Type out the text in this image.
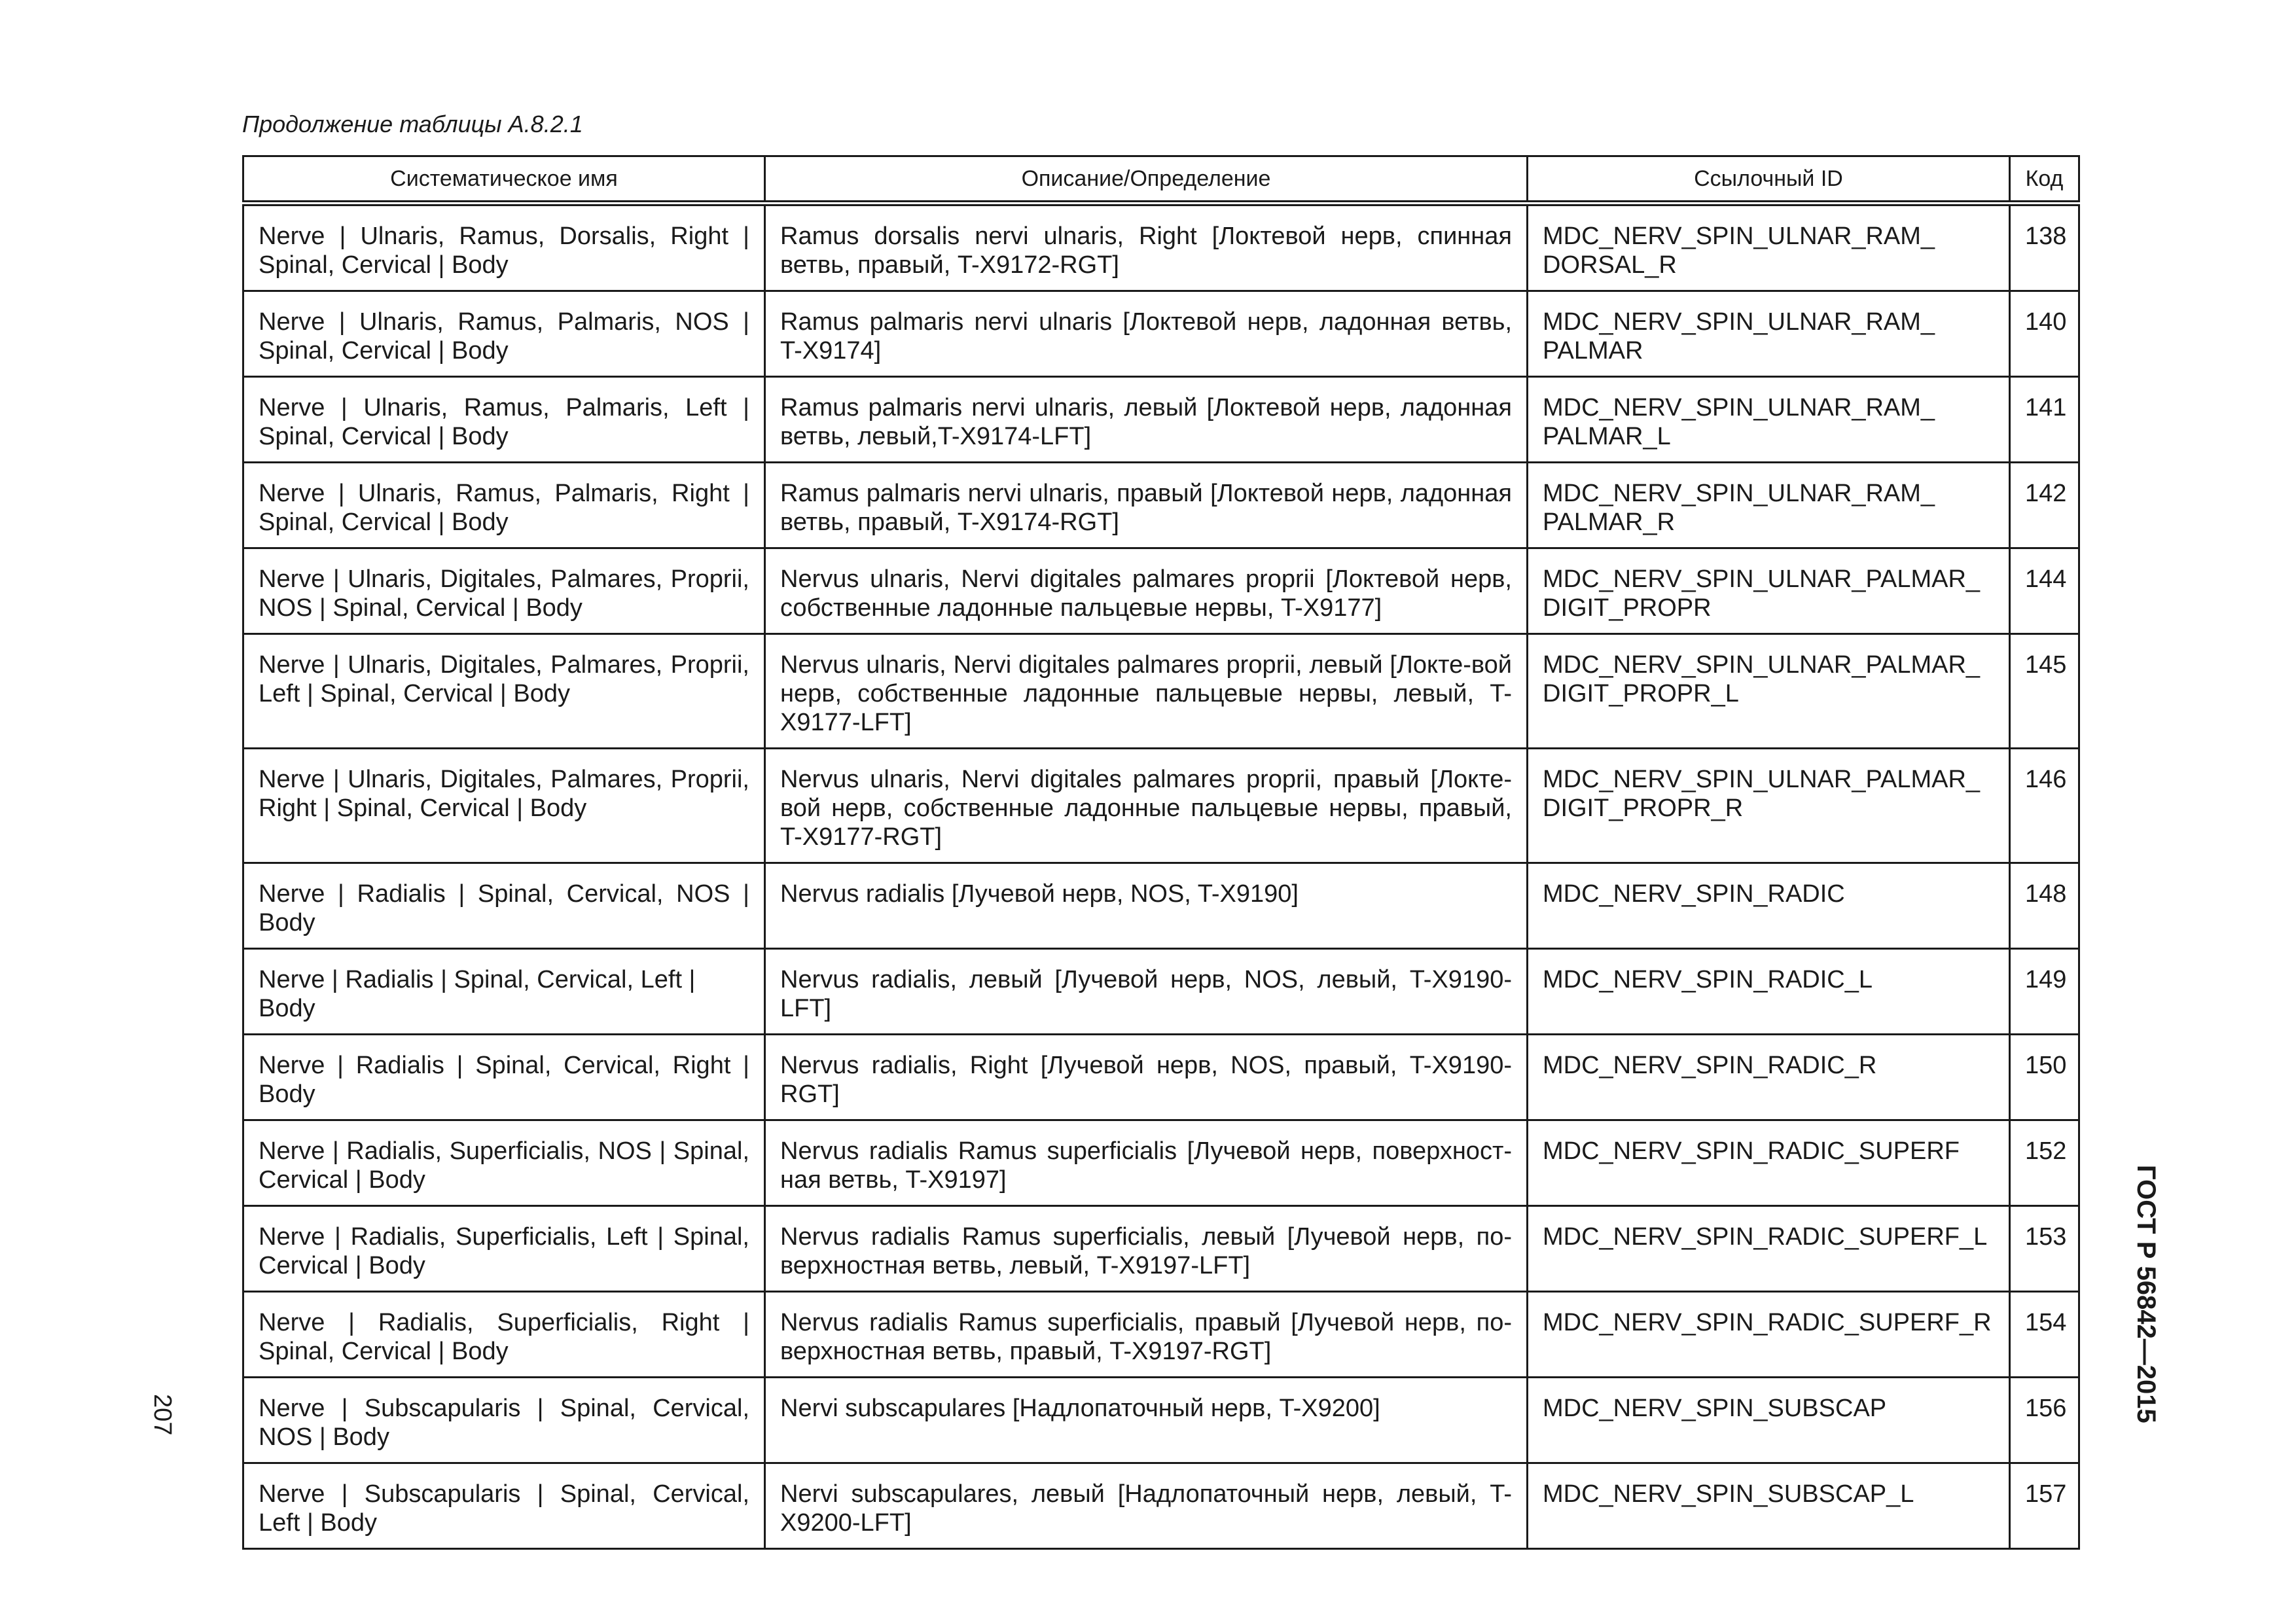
Продолжение таблицы А.8.2.1
Систематическое имя	Описание/Определение	Ссылочный ID	Код
Nerve | Ulnaris, Ramus, Dorsalis, Right | Spinal, Cervical | Body	Ramus dorsalis nervi ulnaris, Right [Локтевой нерв, спинная ветвь, правый, T-X9172-RGT]	MDC_NERV_SPIN_ULNAR_RAM_ DORSAL_R	138
Nerve | Ulnaris, Ramus, Palmaris, NOS | Spinal, Cervical | Body	Ramus palmaris nervi ulnaris [Локтевой нерв, ладонная ветвь, T-X9174]	MDC_NERV_SPIN_ULNAR_RAM_ PALMAR	140
Nerve | Ulnaris, Ramus, Palmaris, Left | Spinal, Cervical | Body	Ramus palmaris nervi ulnaris, левый [Локтевой нерв, ладонная ветвь, левый,T-X9174-LFT]	MDC_NERV_SPIN_ULNAR_RAM_ PALMAR_L	141
Nerve | Ulnaris, Ramus, Palmaris, Right | Spinal, Cervical | Body	Ramus palmaris nervi ulnaris, правый [Локтевой нерв, ладонная ветвь, правый, T-X9174-RGT]	MDC_NERV_SPIN_ULNAR_RAM_ PALMAR_R	142
Nerve | Ulnaris, Digitales, Palmares, Proprii, NOS | Spinal, Cervical | Body	Nervus ulnaris, Nervi digitales palmares proprii [Локтевой нерв, собственные ладонные пальцевые нервы, T-X9177]	MDC_NERV_SPIN_ULNAR_PALMAR_ DIGIT_PROPR	144
Nerve | Ulnaris, Digitales, Palmares, Proprii, Left | Spinal, Cervical | Body	Nervus ulnaris, Nervi digitales palmares proprii, левый [Локте-вой нерв, собственные ладонные пальцевые нервы, левый, T-X9177-LFT]	MDC_NERV_SPIN_ULNAR_PALMAR_ DIGIT_PROPR_L	145
Nerve | Ulnaris, Digitales, Palmares, Proprii, Right | Spinal, Cervical | Body	Nervus ulnaris, Nervi digitales palmares proprii, правый [Локте-вой нерв, собственные ладонные пальцевые нервы, правый, T-X9177-RGT]	MDC_NERV_SPIN_ULNAR_PALMAR_ DIGIT_PROPR_R	146
Nerve | Radialis | Spinal, Cervical, NOS | Body	Nervus radialis [Лучевой нерв, NOS, T-X9190]	MDC_NERV_SPIN_RADIC	148
Nerve | Radialis | Spinal, Cervical, Left | Body	Nervus radialis, левый [Лучевой нерв, NOS, левый, T-X9190-LFT]	MDC_NERV_SPIN_RADIC_L	149
Nerve | Radialis | Spinal, Cervical, Right | Body	Nervus radialis, Right [Лучевой нерв, NOS, правый, T-X9190-RGT]	MDC_NERV_SPIN_RADIC_R	150
Nerve | Radialis, Superficialis, NOS | Spinal, Cervical | Body	Nervus radialis Ramus superficialis [Лучевой нерв, поверхност-ная ветвь, T-X9197]	MDC_NERV_SPIN_RADIC_SUPERF	152
Nerve | Radialis, Superficialis, Left | Spinal, Cervical | Body	Nervus radialis Ramus superficialis, левый [Лучевой нерв, по-верхностная ветвь, левый, T-X9197-LFT]	MDC_NERV_SPIN_RADIC_SUPERF_L	153
Nerve | Radialis, Superficialis, Right | Spinal, Cervical | Body	Nervus radialis Ramus superficialis, правый [Лучевой нерв, по-верхностная ветвь, правый, T-X9197-RGT]	MDC_NERV_SPIN_RADIC_SUPERF_R	154
Nerve | Subscapularis | Spinal, Cervical, NOS | Body	Nervi subscapulares [Надлопаточный нерв, T-X9200]	MDC_NERV_SPIN_SUBSCAP	156
Nerve | Subscapularis | Spinal, Cervical, Left | Body	Nervi subscapulares, левый [Надлопаточный нерв, левый, T-X9200-LFT]	MDC_NERV_SPIN_SUBSCAP_L	157
207	ГОСТ Р 56842—2015
